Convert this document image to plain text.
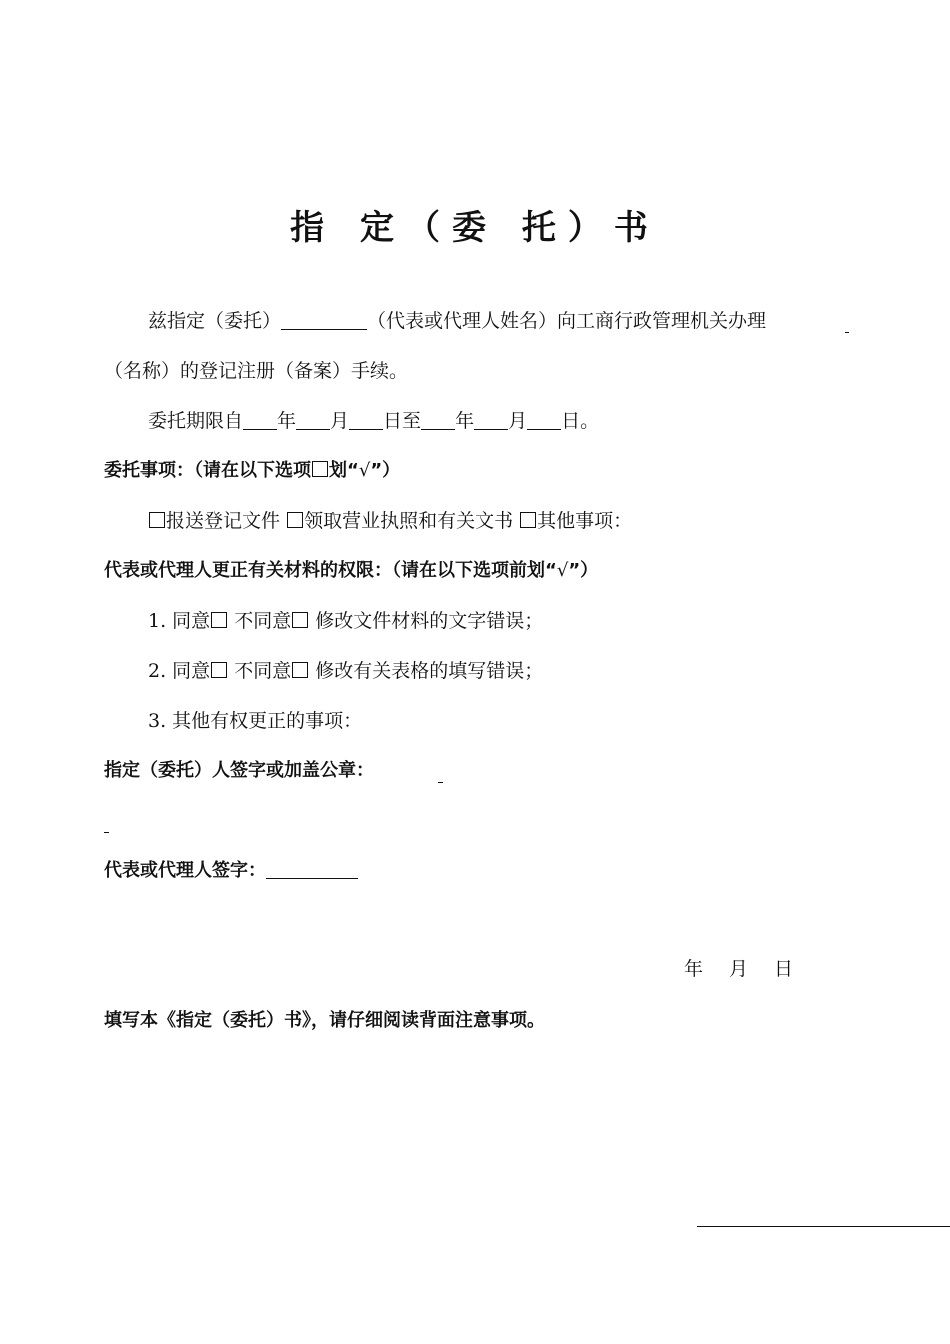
指 定（委 托）书
兹指定（委托）	（代表或代理人姓名）向工商行政管理机关办理
（名称）的登记注册（备案）手续。
委托期限自 年 月 日至 年 月 日。
委托事项：（请在以下选项 划“√”）
报送登记文件 领取营业执照和有关文书 其他事项：
代表或代理人更正有关材料的权限：（请在以下选项前划“√”）
1. 同意 不同意 修改文件材料的文字错误；
2. 同意 不同意 修改有关表格的填写错误；
3. 其他有权更正的事项：
指定（委托）人签字或加盖公章：
代表或代理人签字：
年 月 日
填写本《指定（委托）书》，请仔细阅读背面注意事项。
